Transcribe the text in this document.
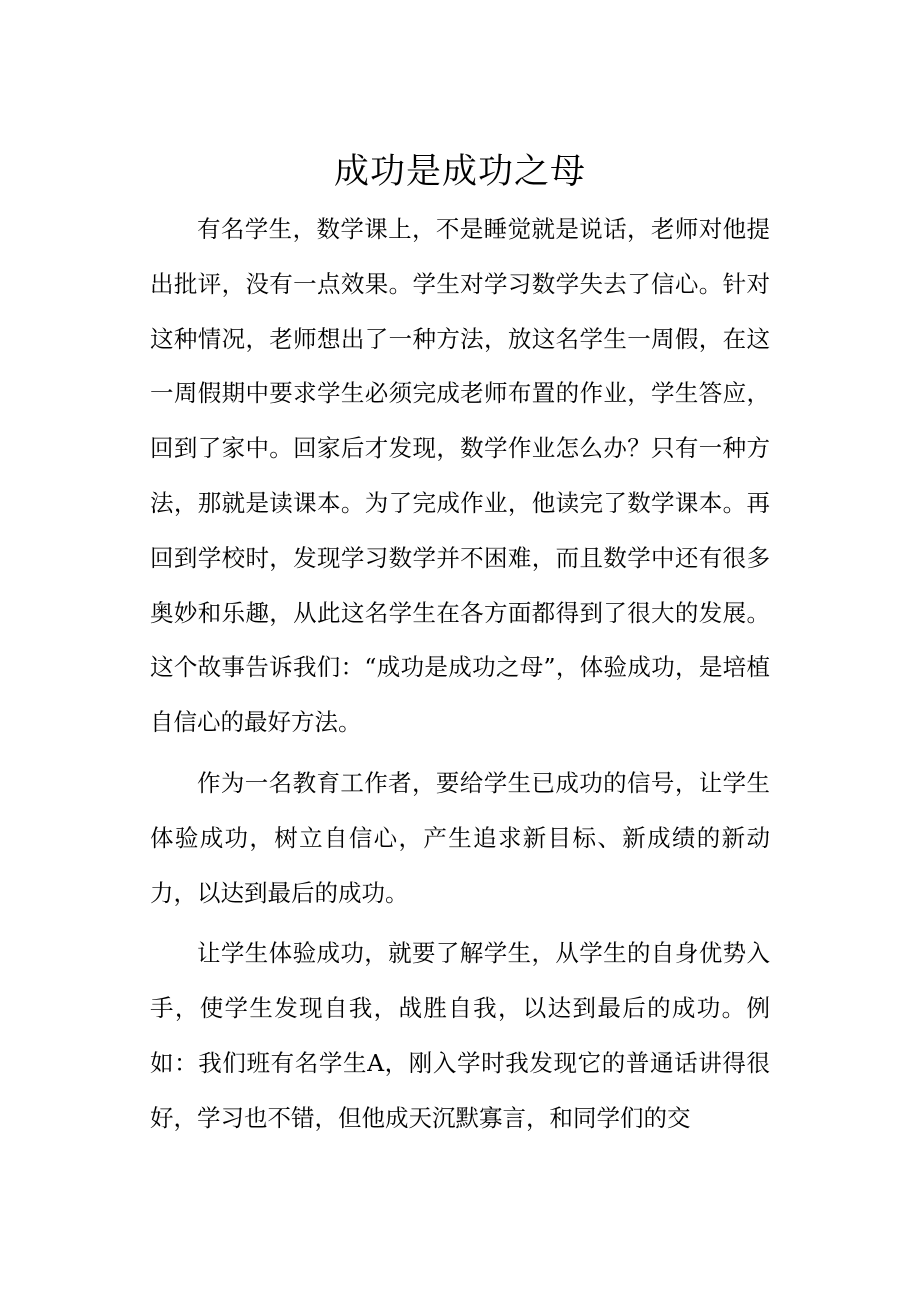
成功是成功之母

有名学生，数学课上，不是睡觉就是说话，老师对他提出批评，没有一点效果。学生对学习数学失去了信心。针对这种情况，老师想出了一种方法，放这名学生一周假，在这一周假期中要求学生必须完成老师布置的作业，学生答应，回到了家中。回家后才发现，数学作业怎么办？只有一种方法，那就是读课本。为了完成作业，他读完了数学课本。再回到学校时，发现学习数学并不困难，而且数学中还有很多奥妙和乐趣，从此这名学生在各方面都得到了很大的发展。这个故事告诉我们：“成功是成功之母”，体验成功，是培植自信心的最好方法。

作为一名教育工作者，要给学生已成功的信号，让学生体验成功，树立自信心，产生追求新目标、新成绩的新动力，以达到最后的成功。

让学生体验成功，就要了解学生，从学生的自身优势入手，使学生发现自我，战胜自我，以达到最后的成功。例如：我们班有名学生A，刚入学时我发现它的普通话讲得很好，学习也不错，但他成天沉默寡言，和同学们的交
